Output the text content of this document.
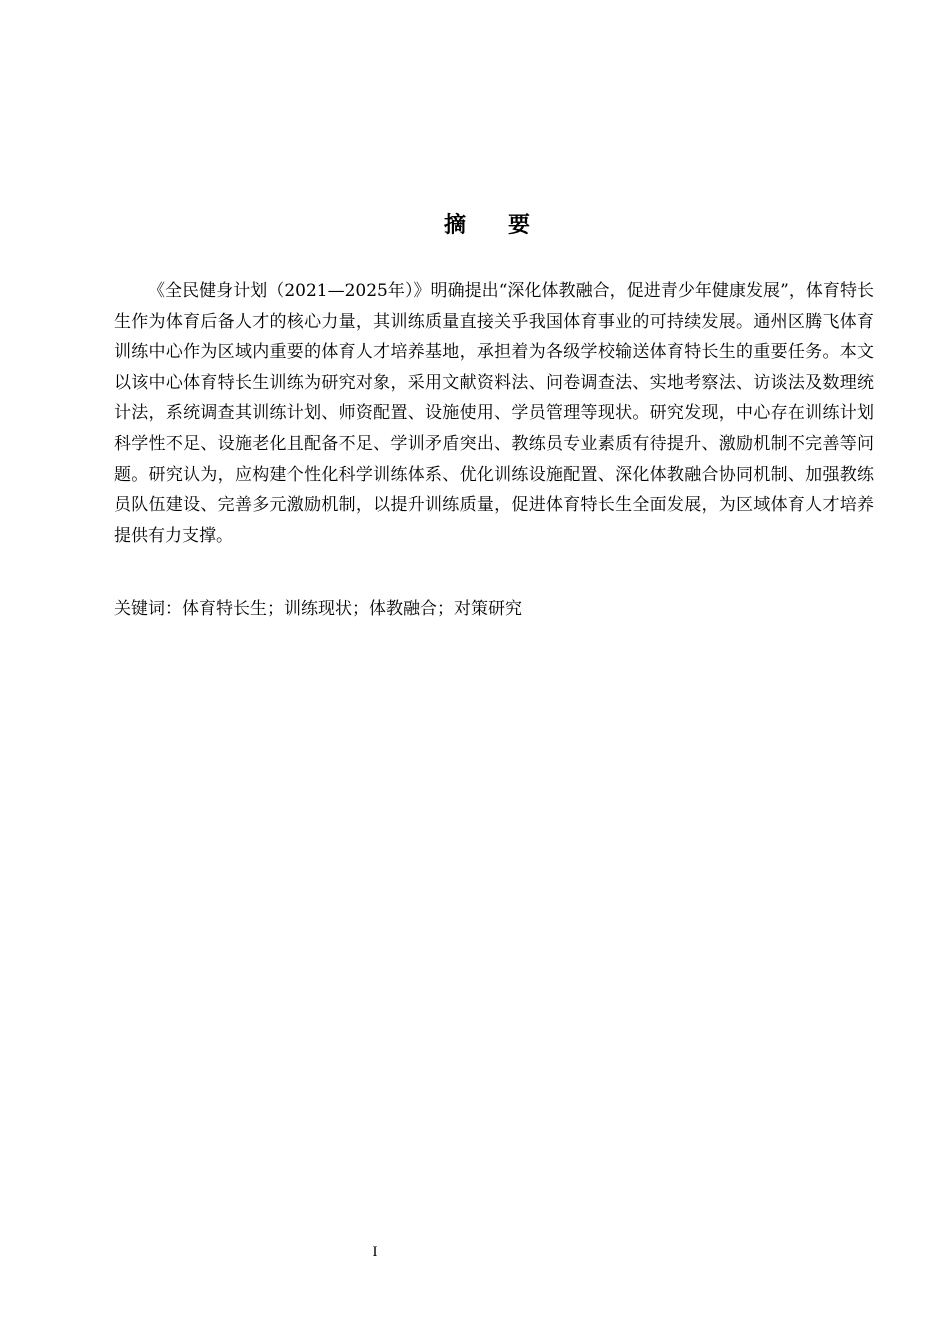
摘 要

《全民健身计划（2021—2025年）》明确提出“深化体教融合，促进青少年健康发展”，体育特长生作为体育后备人才的核心力量，其训练质量直接关乎我国体育事业的可持续发展。通州区腾飞体育训练中心作为区域内重要的体育人才培养基地，承担着为各级学校输送体育特长生的重要任务。本文以该中心体育特长生训练为研究对象，采用文献资料法、问卷调查法、实地考察法、访谈法及数理统计法，系统调查其训练计划、师资配置、设施使用、学员管理等现状。研究发现，中心存在训练计划科学性不足、设施老化且配备不足、学训矛盾突出、教练员专业素质有待提升、激励机制不完善等问题。研究认为，应构建个性化科学训练体系、优化训练设施配置、深化体教融合协同机制、加强教练员队伍建设、完善多元激励机制，以提升训练质量，促进体育特长生全面发展，为区域体育人才培养提供有力支撑。

关键词：体育特长生；训练现状；体教融合；对策研究

I
